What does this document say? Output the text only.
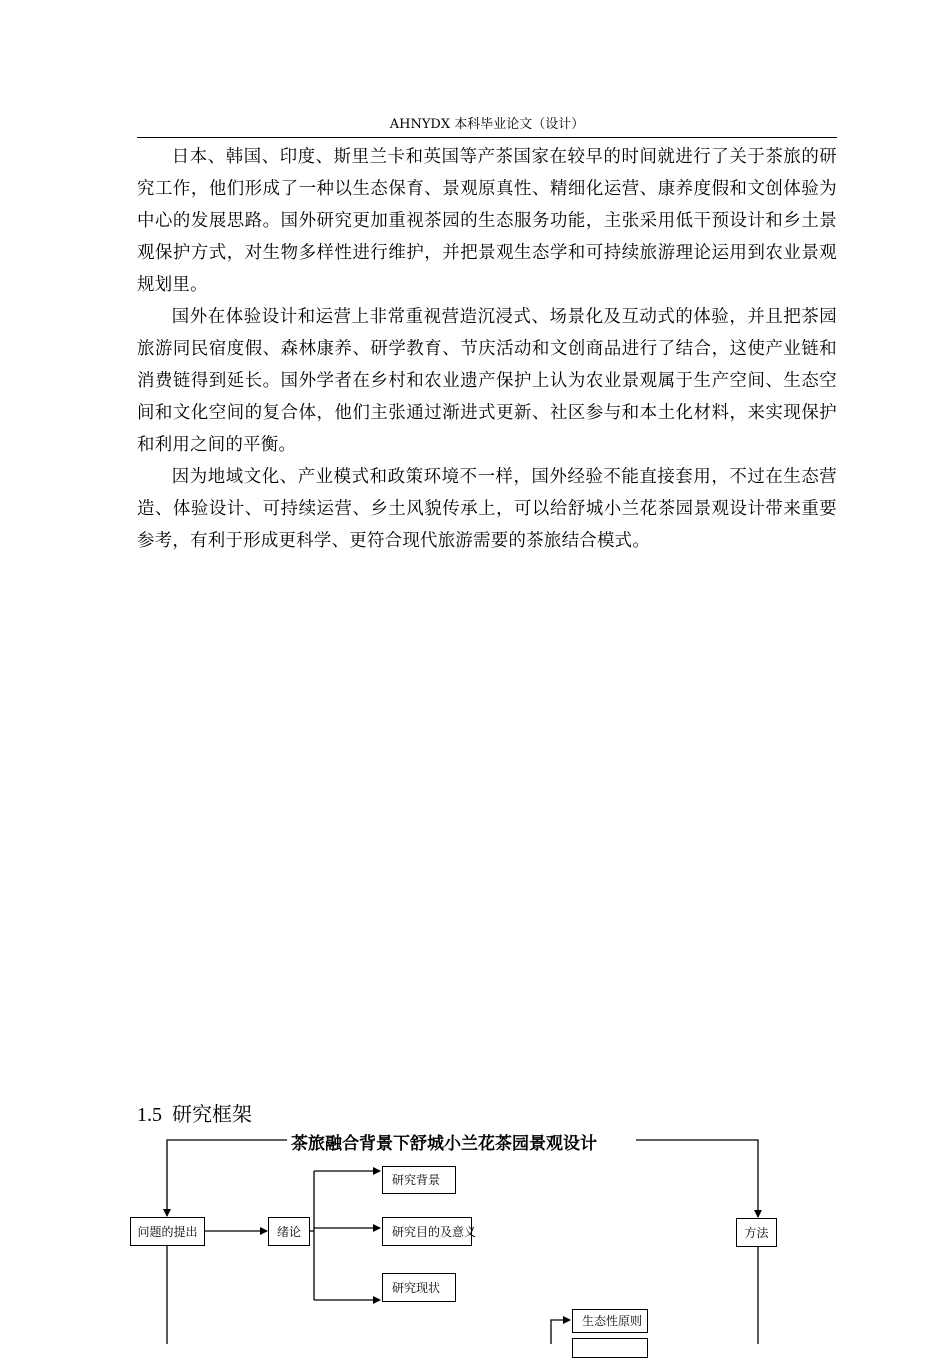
AHNYDX 本科毕业论文（设计）

日本、韩国、印度、斯里兰卡和英国等产茶国家在较早的时间就进行了关于茶旅的研究工作，他们形成了一种以生态保育、景观原真性、精细化运营、康养度假和文创体验为中心的发展思路。国外研究更加重视茶园的生态服务功能，主张采用低干预设计和乡土景观保护方式，对生物多样性进行维护，并把景观生态学和可持续旅游理论运用到农业景观规划里。

国外在体验设计和运营上非常重视营造沉浸式、场景化及互动式的体验，并且把茶园旅游同民宿度假、森林康养、研学教育、节庆活动和文创商品进行了结合，这使产业链和消费链得到延长。国外学者在乡村和农业遗产保护上认为农业景观属于生产空间、生态空间和文化空间的复合体，他们主张通过渐进式更新、社区参与和本土化材料，来实现保护和利用之间的平衡。

因为地域文化、产业模式和政策环境不一样，国外经验不能直接套用，不过在生态营造、体验设计、可持续运营、乡土风貌传承上，可以给舒城小兰花茶园景观设计带来重要参考，有利于形成更科学、更符合现代旅游需要的茶旅结合模式。

1.5 研究框架
茶旅融合背景下舒城小兰花茶园景观设计
问题的提出	绪论
研究背景
研究目的及意义
研究现状
方法
生态性原则
